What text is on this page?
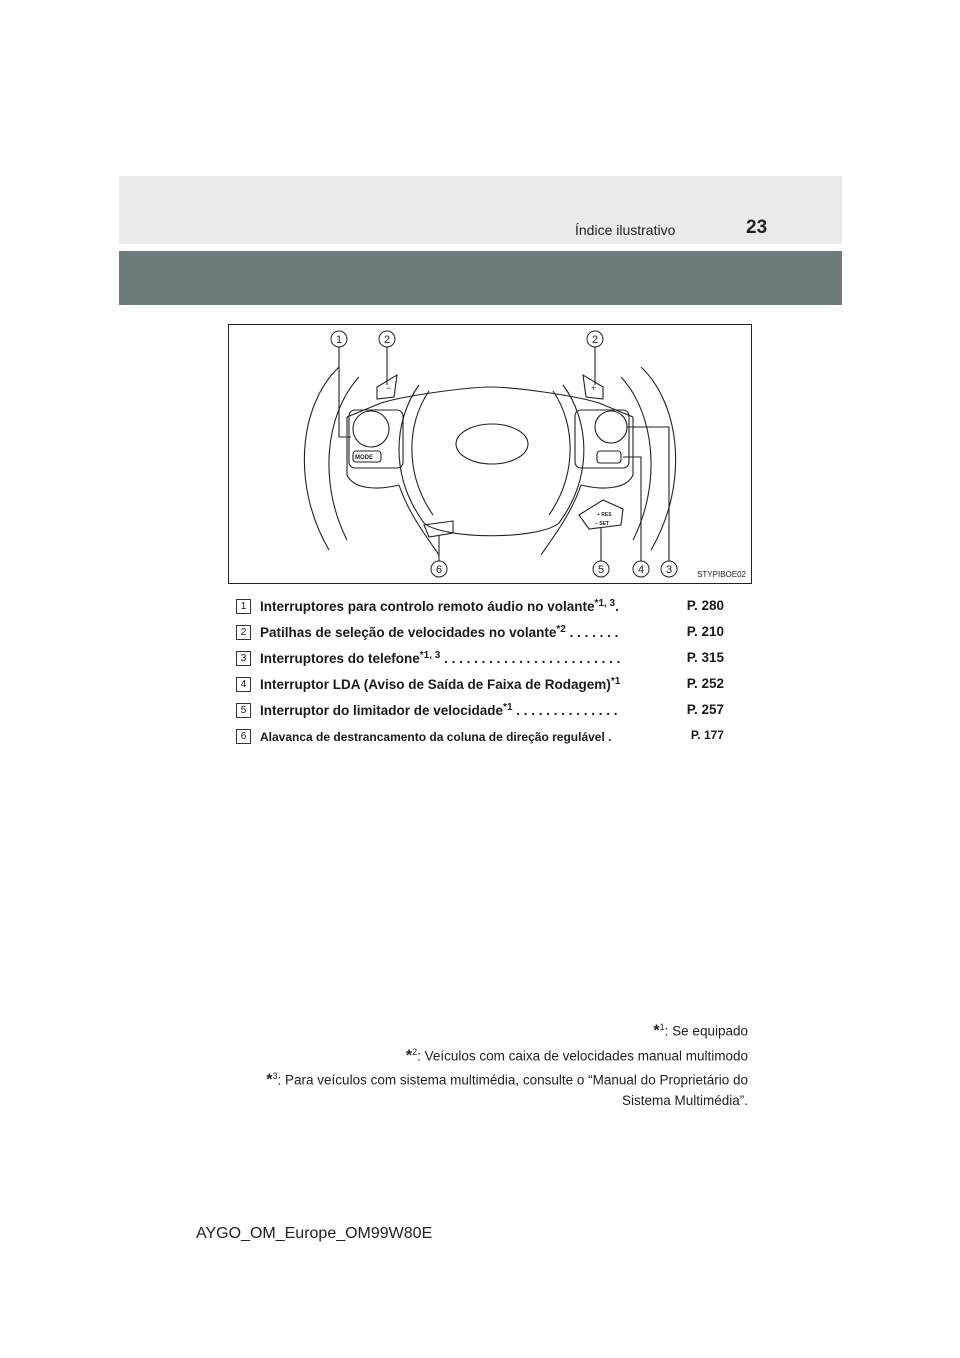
Índice ilustrativo	23
MODE
−	+
+ RES
− SET
1	2	2
6	5	4 3	STYPIBOE02
1	Interruptores para controlo remoto áudio no volante$^{*1, 3}$.	P. 280
2	Patilhas de seleção de velocidades no volante$^{*2}$ . . . . . . .	P. 210
3	Interruptores do telefone$^{*1, 3}$ . . . . . . . . . . . . . . . . . . . . . . . .	P. 315
4	Interruptor LDA (Aviso de Saída de Faixa de Rodagem)$^{*1}$	P. 252
5	Interruptor do limitador de velocidade$^{*1}$ . . . . . . . . . . . . . .	P. 257
6	Alavanca de destrancamento da coluna de direção regulável .	P. 177
*$^1$: Se equipado
*$^2$: Veículos com caixa de velocidades manual multimodo
*$^3$: Para veículos com sistema multimédia, consulte o “Manual do Proprietário do
Sistema Multimédia”.
AYGO_OM_Europe_OM99W80E
